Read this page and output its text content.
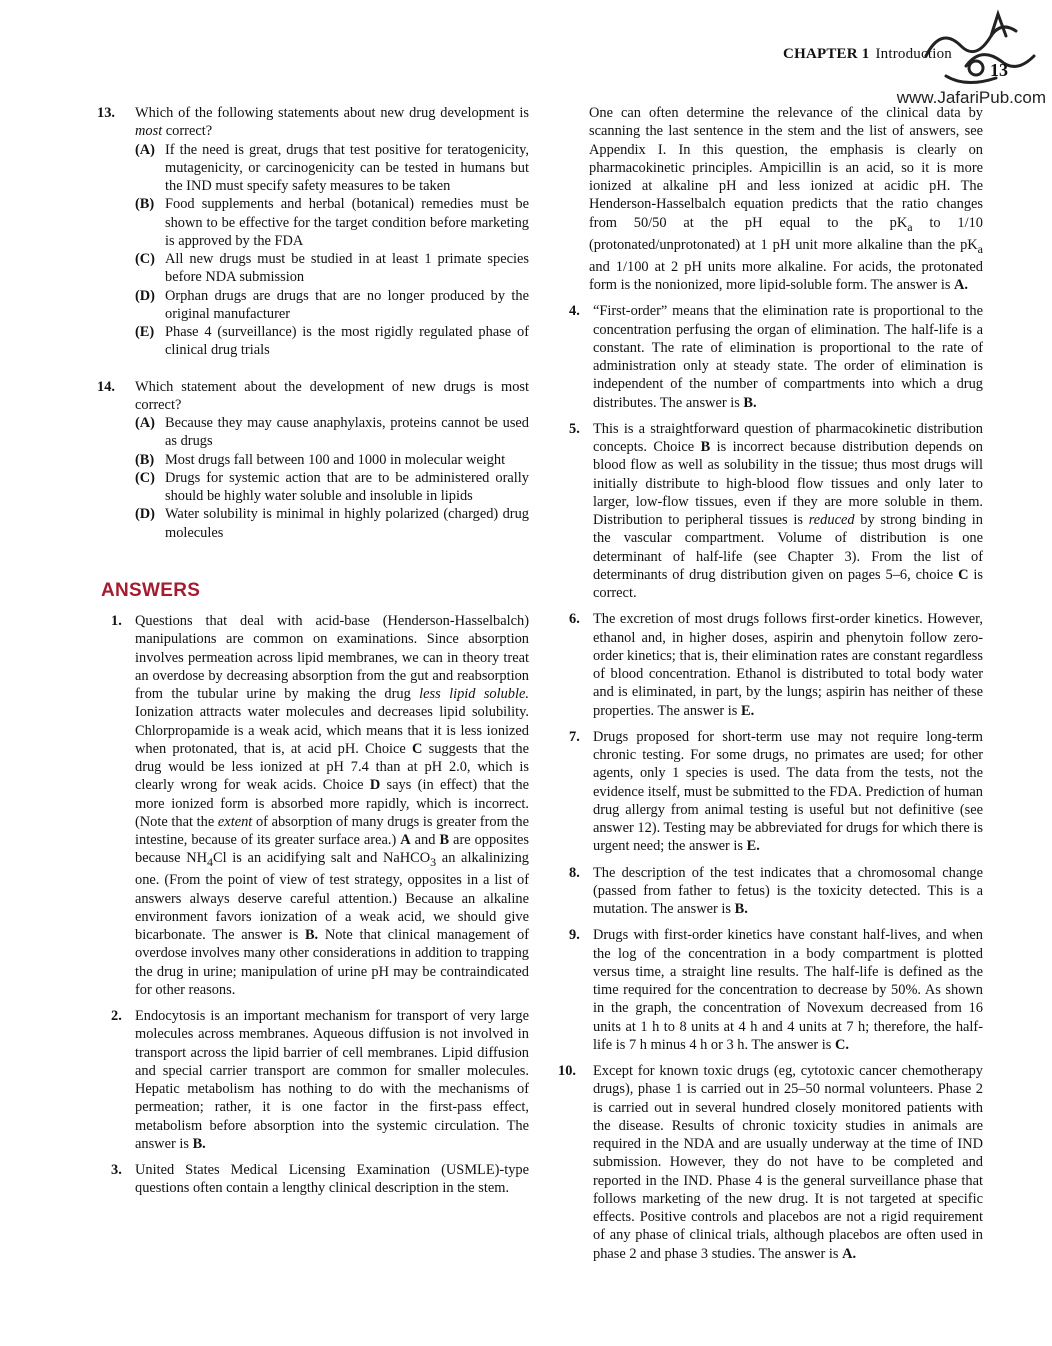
CHAPTER 1 Introduction
13
www.JafariPub.com
13. Which of the following statements about new drug development is most correct?
(A) If the need is great, drugs that test positive for teratogenicity, mutagenicity, or carcinogenicity can be tested in humans but the IND must specify safety measures to be taken
(B) Food supplements and herbal (botanical) remedies must be shown to be effective for the target condition before marketing is approved by the FDA
(C) All new drugs must be studied in at least 1 primate species before NDA submission
(D) Orphan drugs are drugs that are no longer produced by the original manufacturer
(E) Phase 4 (surveillance) is the most rigidly regulated phase of clinical drug trials
14. Which statement about the development of new drugs is most correct?
(A) Because they may cause anaphylaxis, proteins cannot be used as drugs
(B) Most drugs fall between 100 and 1000 in molecular weight
(C) Drugs for systemic action that are to be administered orally should be highly water soluble and insoluble in lipids
(D) Water solubility is minimal in highly polarized (charged) drug molecules
ANSWERS
1. Questions that deal with acid-base (Henderson-Hasselbalch) manipulations are common on examinations. Since absorption involves permeation across lipid membranes, we can in theory treat an overdose by decreasing absorption from the gut and reabsorption from the tubular urine by making the drug less lipid soluble. Ionization attracts water molecules and decreases lipid solubility. Chlorpropamide is a weak acid, which means that it is less ionized when protonated, that is, at acid pH. Choice C suggests that the drug would be less ionized at pH 7.4 than at pH 2.0, which is clearly wrong for weak acids. Choice D says (in effect) that the more ionized form is absorbed more rapidly, which is incorrect. (Note that the extent of absorption of many drugs is greater from the intestine, because of its greater surface area.) A and B are opposites because $NH_4Cl$ is an acidifying salt and NaHCO$_3$ an alkalinizing one. (From the point of view of test strategy, opposites in a list of answers always deserve careful attention.) Because an alkaline environment favors ionization of a weak acid, we should give bicarbonate. The answer is B. Note that clinical management of overdose involves many other considerations in addition to trapping the drug in urine; manipulation of urine pH may be contraindicated for other reasons.
2. Endocytosis is an important mechanism for transport of very large molecules across membranes. Aqueous diffusion is not involved in transport across the lipid barrier of cell membranes. Lipid diffusion and special carrier transport are common for smaller molecules. Hepatic metabolism has nothing to do with the mechanisms of permeation; rather, it is one factor in the first-pass effect, metabolism before absorption into the systemic circulation. The answer is B.
3. United States Medical Licensing Examination (USMLE)-type questions often contain a lengthy clinical description in the stem.
One can often determine the relevance of the clinical data by scanning the last sentence in the stem and the list of answers, see Appendix I. In this question, the emphasis is clearly on pharmacokinetic principles. Ampicillin is an acid, so it is more ionized at alkaline pH and less ionized at acidic pH. The Henderson-Hasselbalch equation predicts that the ratio changes from 50/50 at the pH equal to the $pK_a$ to 1/10 (protonated/unprotonated) at 1 pH unit more alkaline than the $pK_a$ and 1/100 at 2 pH units more alkaline. For acids, the protonated form is the nonionized, more lipid-soluble form. The answer is A.
4. “First-order” means that the elimination rate is proportional to the concentration perfusing the organ of elimination. The half-life is a constant. The rate of elimination is proportional to the rate of administration only at steady state. The order of elimination is independent of the number of compartments into which a drug distributes. The answer is B.
5. This is a straightforward question of pharmacokinetic distribution concepts. Choice B is incorrect because distribution depends on blood flow as well as solubility in the tissue; thus most drugs will initially distribute to high-blood flow tissues and only later to larger, low-flow tissues, even if they are more soluble in them. Distribution to peripheral tissues is reduced by strong binding in the vascular compartment. Volume of distribution is one determinant of half-life (see Chapter 3). From the list of determinants of drug distribution given on pages 5–6, choice C is correct.
6. The excretion of most drugs follows first-order kinetics. However, ethanol and, in higher doses, aspirin and phenytoin follow zero-order kinetics; that is, their elimination rates are constant regardless of blood concentration. Ethanol is distributed to total body water and is eliminated, in part, by the lungs; aspirin has neither of these properties. The answer is E.
7. Drugs proposed for short-term use may not require long-term chronic testing. For some drugs, no primates are used; for other agents, only 1 species is used. The data from the tests, not the evidence itself, must be submitted to the FDA. Prediction of human drug allergy from animal testing is useful but not definitive (see answer 12). Testing may be abbreviated for drugs for which there is urgent need; the answer is E.
8. The description of the test indicates that a chromosomal change (passed from father to fetus) is the toxicity detected. This is a mutation. The answer is B.
9. Drugs with first-order kinetics have constant half-lives, and when the log of the concentration in a body compartment is plotted versus time, a straight line results. The half-life is defined as the time required for the concentration to decrease by 50%. As shown in the graph, the concentration of Novexum decreased from 16 units at 1 h to 8 units at 4 h and 4 units at 7 h; therefore, the half-life is 7 h minus 4 h or 3 h. The answer is C.
10. Except for known toxic drugs (eg, cytotoxic cancer chemotherapy drugs), phase 1 is carried out in 25–50 normal volunteers. Phase 2 is carried out in several hundred closely monitored patients with the disease. Results of chronic toxicity studies in animals are required in the NDA and are usually underway at the time of IND submission. However, they do not have to be completed and reported in the IND. Phase 4 is the general surveillance phase that follows marketing of the new drug. It is not targeted at specific effects. Positive controls and placebos are not a rigid requirement of any phase of clinical trials, although placebos are often used in phase 2 and phase 3 studies. The answer is A.
